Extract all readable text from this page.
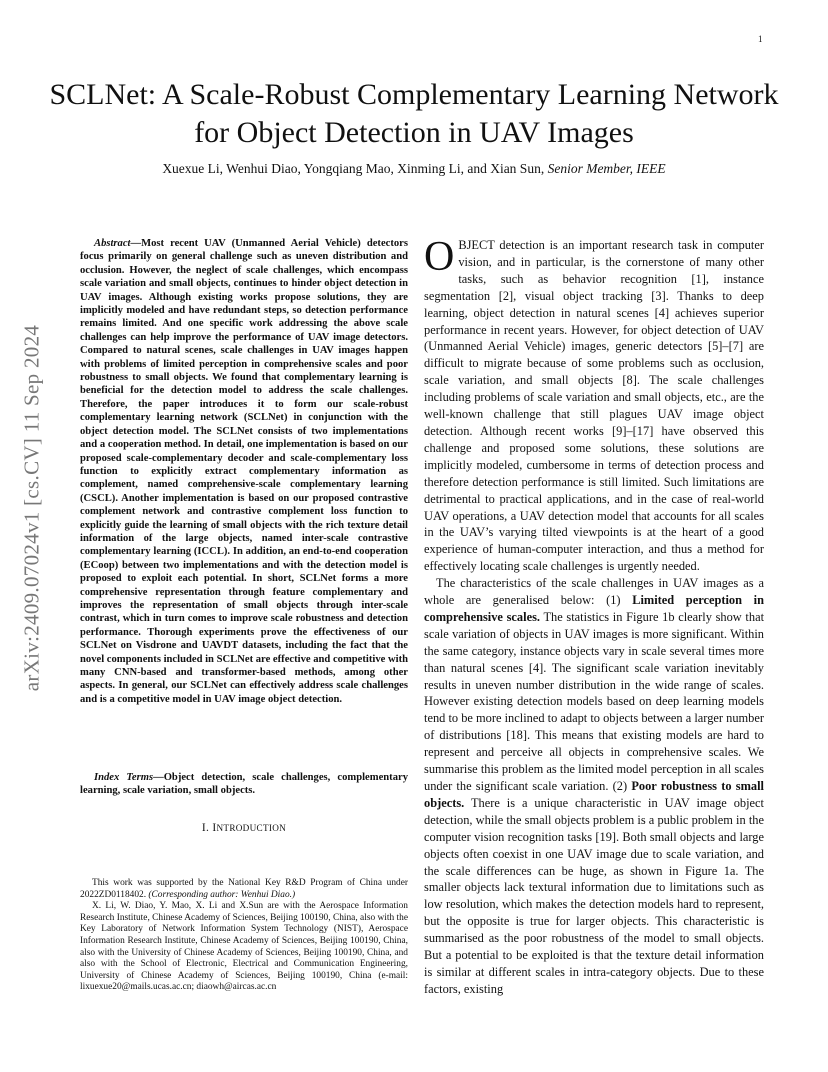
1
arXiv:2409.07024v1 [cs.CV] 11 Sep 2024
SCLNet: A Scale-Robust Complementary Learning Network for Object Detection in UAV Images
Xuexue Li, Wenhui Diao, Yongqiang Mao, Xinming Li, and Xian Sun, Senior Member, IEEE

Abstract—Most recent UAV (Unmanned Aerial Vehicle) detectors focus primarily on general challenge such as uneven distribution and occlusion. However, the neglect of scale challenges, which encompass scale variation and small objects, continues to hinder object detection in UAV images. Although existing works propose solutions, they are implicitly modeled and have redundant steps, so detection performance remains limited. And one specific work addressing the above scale challenges can help improve the performance of UAV image detectors. Compared to natural scenes, scale challenges in UAV images happen with problems of limited perception in comprehensive scales and poor robustness to small objects. We found that complementary learning is beneficial for the detection model to address the scale challenges. Therefore, the paper introduces it to form our scale-robust complementary learning network (SCLNet) in conjunction with the object detection model. The SCLNet consists of two implementations and a cooperation method. In detail, one implementation is based on our proposed scale-complementary decoder and scale-complementary loss function to explicitly extract complementary information as complement, named comprehensive-scale complementary learning (CSCL). Another implementation is based on our proposed contrastive complement network and contrastive complement loss function to explicitly guide the learning of small objects with the rich texture detail information of the large objects, named inter-scale contrastive complementary learning (ICCL). In addition, an end-to-end cooperation (ECoop) between two implementations and with the detection model is proposed to exploit each potential. In short, SCLNet forms a more comprehensive representation through feature complementary and improves the representation of small objects through inter-scale contrast, which in turn comes to improve scale robustness and detection performance. Thorough experiments prove the effectiveness of our SCLNet on Visdrone and UAVDT datasets, including the fact that the novel components included in SCLNet are effective and competitive with many CNN-based and transformer-based methods, among other aspects. In general, our SCLNet can effectively address scale challenges and is a competitive model in UAV image object detection.

Index Terms—Object detection, scale challenges, complementary learning, scale variation, small objects.

I. INTRODUCTION

This work was supported by the National Key R&D Program of China under 2022ZD0118402. (Corresponding author: Wenhui Diao.)

X. Li, W. Diao, Y. Mao, X. Li and X.Sun are with the Aerospace Information Research Institute, Chinese Academy of Sciences, Beijing 100190, China, also with the Key Laboratory of Network Information System Technology (NIST), Aerospace Information Research Institute, Chinese Academy of Sciences, Beijing 100190, China, also with the University of Chinese Academy of Sciences, Beijing 100190, China, and also with the School of Electronic, Electrical and Communication Engineering, University of Chinese Academy of Sciences, Beijing 100190, China (e-mail: lixuexue20@mails.ucas.ac.cn; diaowh@aircas.ac.cn

OBJECT detection is an important research task in computer vision, and in particular, is the cornerstone of many other tasks, such as behavior recognition [1], instance segmentation [2], visual object tracking [3]. Thanks to deep learning, object detection in natural scenes [4] achieves superior performance in recent years. However, for object detection of UAV (Unmanned Aerial Vehicle) images, generic detectors [5]–[7] are difficult to migrate because of some problems such as occlusion, scale variation, and small objects [8]. The scale challenges including problems of scale variation and small objects, etc., are the well-known challenge that still plagues UAV image object detection. Although recent works [9]–[17] have observed this challenge and proposed some solutions, these solutions are implicitly modeled, cumbersome in terms of detection process and therefore detection performance is still limited. Such limitations are detrimental to practical applications, and in the case of real-world UAV operations, a UAV detection model that accounts for all scales in the UAV’s varying tilted viewpoints is at the heart of a good experience of human-computer interaction, and thus a method for effectively locating scale challenges is urgently needed.

The characteristics of the scale challenges in UAV images as a whole are generalised below: (1) Limited perception in comprehensive scales. The statistics in Figure 1b clearly show that scale variation of objects in UAV images is more significant. Within the same category, instance objects vary in scale several times more than natural scenes [4]. The significant scale variation inevitably results in uneven number distribution in the wide range of scales. However existing detection models based on deep learning models tend to be more inclined to adapt to objects between a larger number of distributions [18]. This means that existing models are hard to represent and perceive all objects in comprehensive scales. We summarise this problem as the limited model perception in all scales under the significant scale variation. (2) Poor robustness to small objects. There is a unique characteristic in UAV image object detection, while the small objects problem is a public problem in the computer vision recognition tasks [19]. Both small objects and large objects often coexist in one UAV image due to scale variation, and the scale differences can be huge, as shown in Figure 1a. The smaller objects lack textural information due to limitations such as low resolution, which makes the detection models hard to represent, but the opposite is true for larger objects. This characteristic is summarised as the poor robustness of the model to small objects. But a potential to be exploited is that the texture detail information is similar at different scales in intra-category objects. Due to these factors, existing
